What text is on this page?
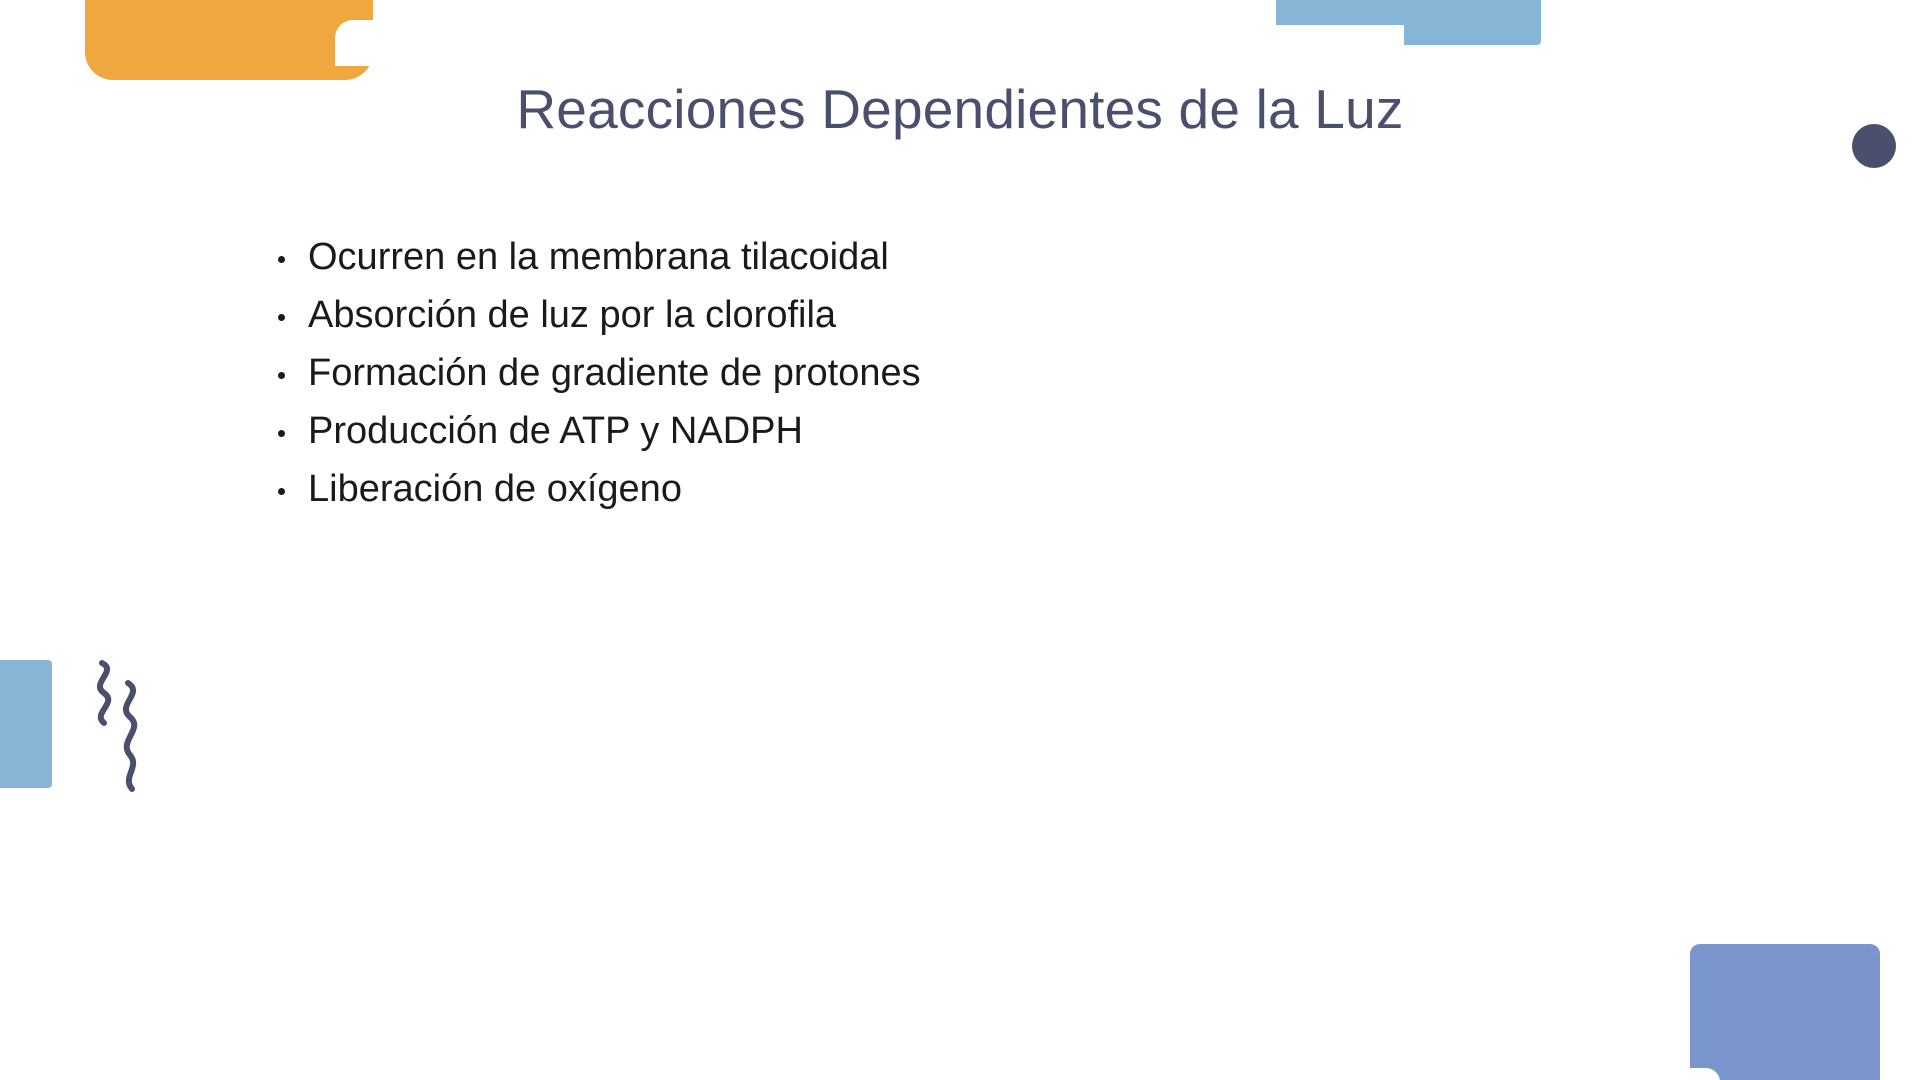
Reacciones Dependientes de la Luz
Ocurren en la membrana tilacoidal
Absorción de luz por la clorofila
Formación de gradiente de protones
Producción de ATP y NADPH
Liberación de oxígeno
